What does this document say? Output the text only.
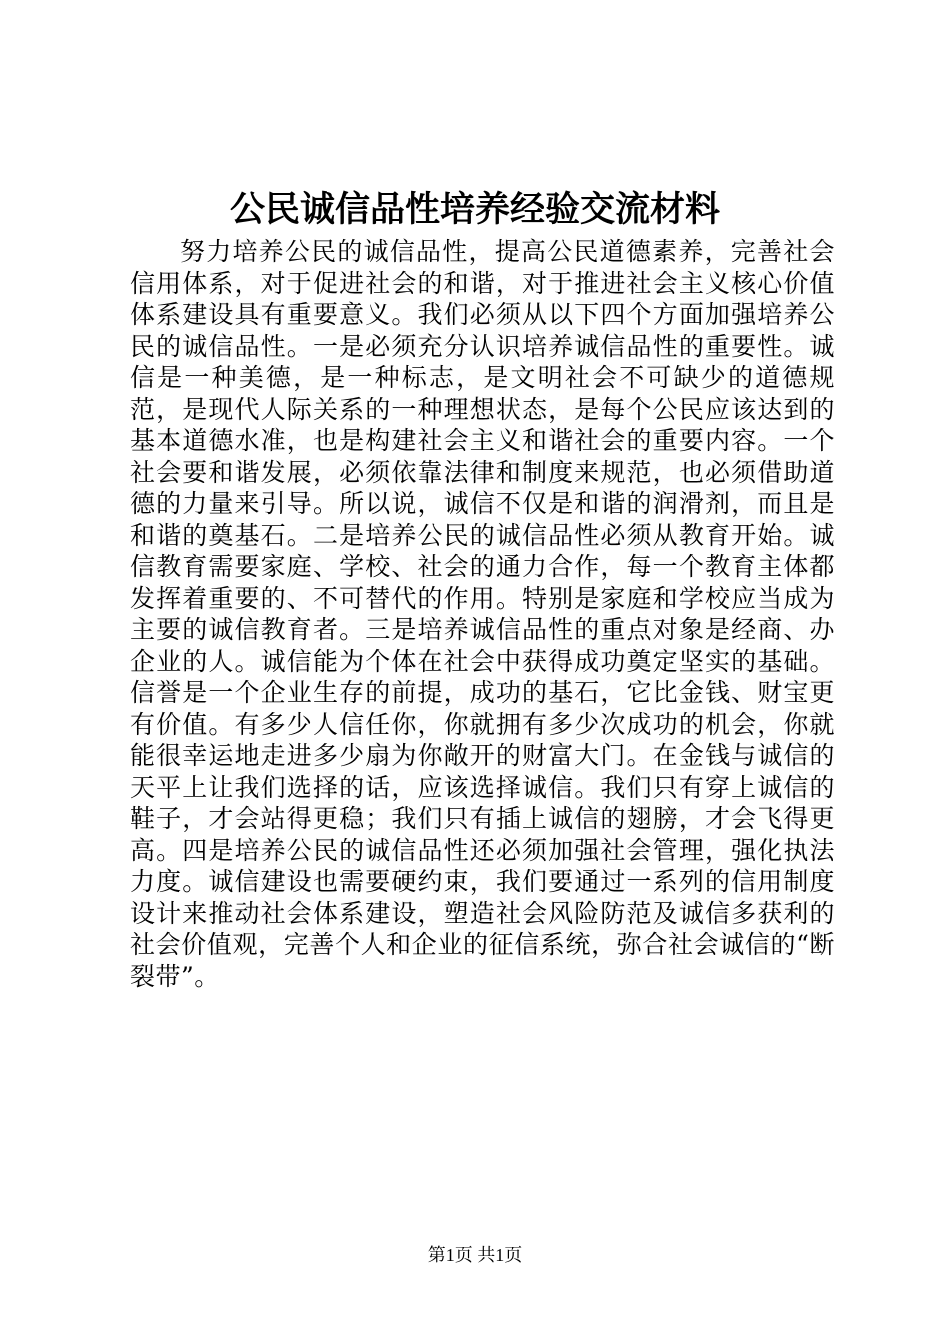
公民诚信品性培养经验交流材料

努力培养公民的诚信品性，提高公民道德素养，完善社会信用体系，对于促进社会的和谐，对于推进社会主义核心价值体系建设具有重要意义。我们必须从以下四个方面加强培养公民的诚信品性。一是必须充分认识培养诚信品性的重要性。诚信是一种美德，是一种标志，是文明社会不可缺少的道德规范，是现代人际关系的一种理想状态，是每个公民应该达到的基本道德水准，也是构建社会主义和谐社会的重要内容。一个社会要和谐发展，必须依靠法律和制度来规范，也必须借助道德的力量来引导。所以说，诚信不仅是和谐的润滑剂，而且是和谐的奠基石。二是培养公民的诚信品性必须从教育开始。诚信教育需要家庭、学校、社会的通力合作，每一个教育主体都发挥着重要的、不可替代的作用。特别是家庭和学校应当成为主要的诚信教育者。三是培养诚信品性的重点对象是经商、办企业的人。诚信能为个体在社会中获得成功奠定坚实的基础。信誉是一个企业生存的前提，成功的基石，它比金钱、财宝更有价值。有多少人信任你，你就拥有多少次成功的机会，你就能很幸运地走进多少扇为你敞开的财富大门。在金钱与诚信的天平上让我们选择的话，应该选择诚信。我们只有穿上诚信的鞋子，才会站得更稳；我们只有插上诚信的翅膀，才会飞得更高。四是培养公民的诚信品性还必须加强社会管理，强化执法力度。诚信建设也需要硬约束，我们要通过一系列的信用制度设计来推动社会体系建设，塑造社会风险防范及诚信多获利的社会价值观，完善个人和企业的征信系统，弥合社会诚信的“断裂带”。

第1页 共1页
